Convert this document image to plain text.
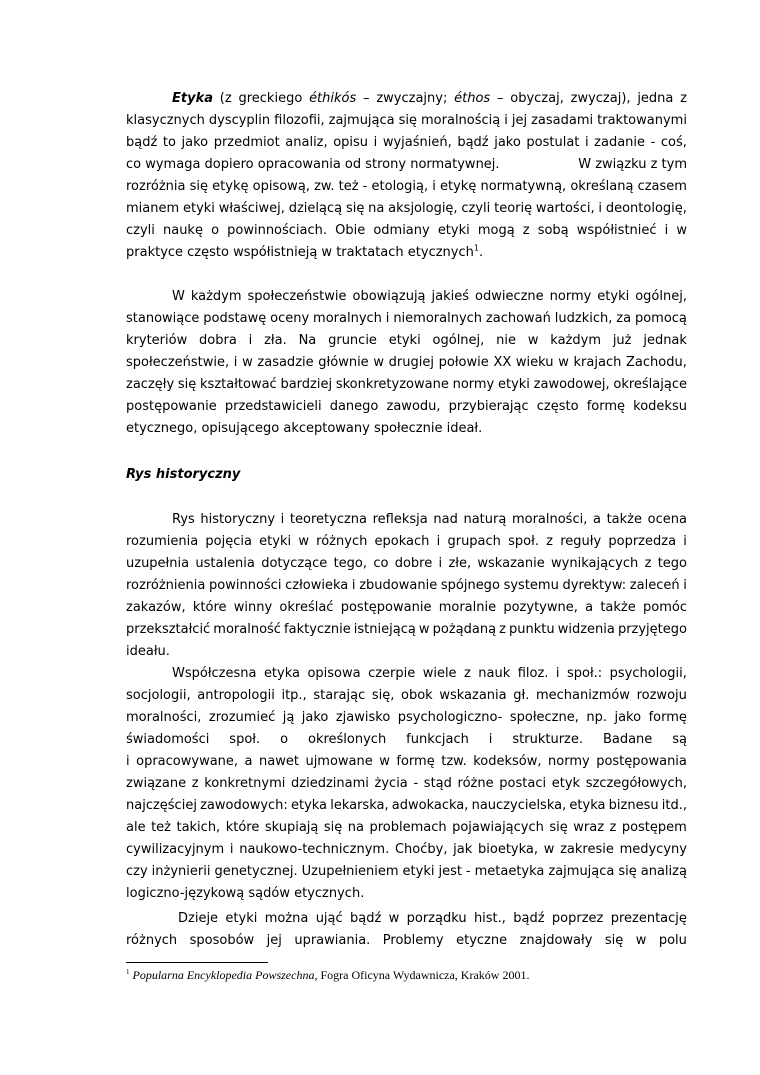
Etyka (z greckiego éthikós – zwyczajny; éthos – obyczaj, zwyczaj), jedna z
klasycznych dyscyplin filozofii, zajmująca się moralnością i jej zasadami traktowanymi
bądź to jako przedmiot analiz, opisu i wyjaśnień, bądź jako postulat i zadanie - coś,
co wymaga dopiero opracowania od strony normatywnej.	W związku z tym
rozróżnia się etykę opisową, zw. też - etologią, i etykę normatywną, określaną czasem
mianem etyki właściwej, dzielącą się na aksjologię, czyli teorię wartości, i deontologię,
czyli naukę o powinnościach. Obie odmiany etyki mogą z sobą współistnieć i w
praktyce często współistnieją w traktatach etycznych$^1$.
W każdym społeczeństwie obowiązują jakieś odwieczne normy etyki ogólnej,
stanowiące podstawę oceny moralnych i niemoralnych zachowań ludzkich, za pomocą
kryteriów dobra i zła. Na gruncie etyki ogólnej, nie w każdym już jednak
społeczeństwie, i w zasadzie głównie w drugiej połowie XX wieku w krajach Zachodu,
zaczęły się kształtować bardziej skonkretyzowane normy etyki zawodowej, określające
postępowanie przedstawicieli danego zawodu, przybierając często formę kodeksu
etycznego, opisującego akceptowany społecznie ideał.
Rys historyczny
Rys historyczny i teoretyczna refleksja nad naturą moralności, a także ocena
rozumienia pojęcia etyki w różnych epokach i grupach społ. z reguły poprzedza i
uzupełnia ustalenia dotyczące tego, co dobre i złe, wskazanie wynikających z tego
rozróżnienia powinności człowieka i zbudowanie spójnego systemu dyrektyw: zaleceń i
zakazów, które winny określać postępowanie moralnie pozytywne, a także pomóc
przekształcić moralność faktycznie istniejącą w pożądaną z punktu widzenia przyjętego
ideału.
Współczesna etyka opisowa czerpie wiele z nauk filoz. i społ.: psychologii,
socjologii, antropologii itp., starając się, obok wskazania gł. mechanizmów rozwoju
moralności, zrozumieć ją jako zjawisko psychologiczno- społeczne, np. jako formę
świadomości społ. o określonych funkcjach i strukturze. Badane są
i opracowywane, a nawet ujmowane w formę tzw. kodeksów, normy postępowania
związane z konkretnymi dziedzinami życia - stąd różne postaci etyk szczegółowych,
najczęściej zawodowych: etyka lekarska, adwokacka, nauczycielska, etyka biznesu itd.,
ale też takich, które skupiają się na problemach pojawiających się wraz z postępem
cywilizacyjnym i naukowo-technicznym. Choćby, jak bioetyka, w zakresie medycyny
czy inżynierii genetycznej. Uzupełnieniem etyki jest - metaetyka zajmująca się analizą
logiczno-językową sądów etycznych.
Dzieje etyki można ująć bądź w porządku hist., bądź poprzez prezentację
różnych sposobów jej uprawiania. Problemy etyczne znajdowały się w polu
$^1$ Popularna Encyklopedia Powszechna, Fogra Oficyna Wydawnicza, Kraków 2001.
